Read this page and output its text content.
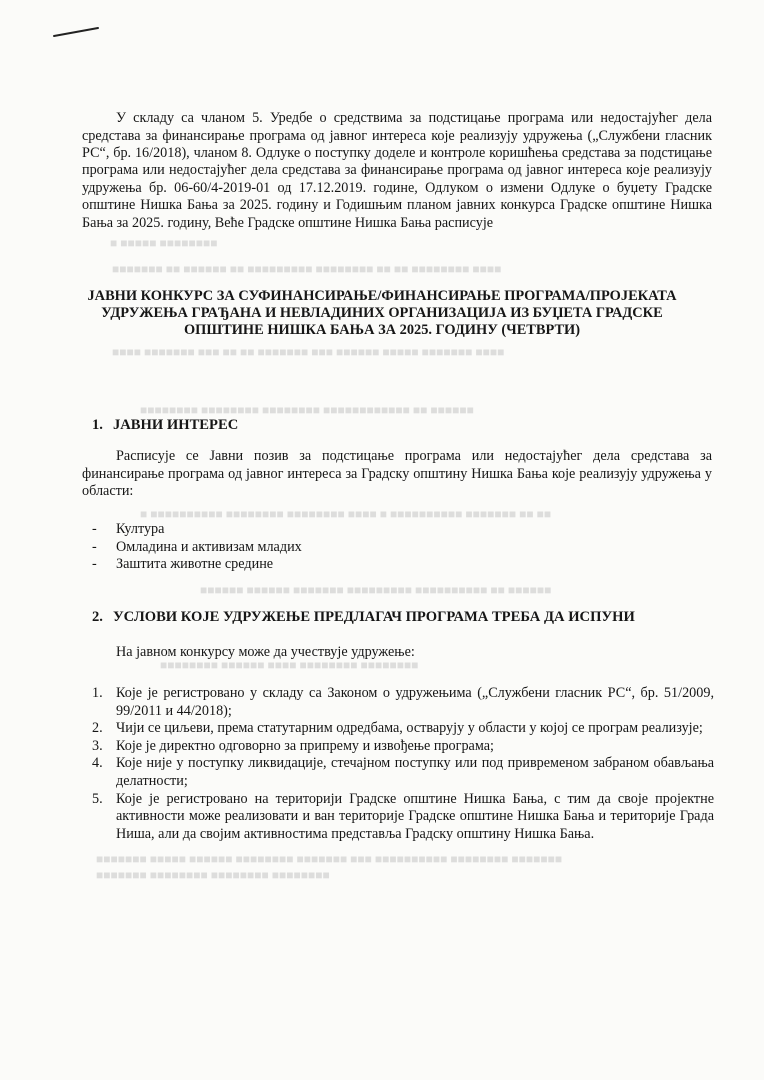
■ ■■■■■ ■■■■■■■■
■■■■■■■ ■■ ■■■■■■ ■■ ■■■■■■■■■ ■■■■■■■■ ■■ ■■ ■■■■■■■■ ■■■■
■■■■ ■■■■■■■ ■■■ ■■ ■■ ■■■■■■■ ■■■ ■■■■■■ ■■■■■ ■■■■■■■ ■■■■
■■■■■■■■ ■■■■■■■■ ■■■■■■■■ ■■■■■■■■■■■■ ■■ ■■■■■■
■ ■■■■■■■■■■ ■■■■■■■■ ■■■■■■■■ ■■■■ ■ ■■■■■■■■■■ ■■■■■■■ ■■ ■■
■■■■■■ ■■■■■■ ■■■■■■■ ■■■■■■■■■ ■■■■■■■■■■ ■■ ■■■■■■
■■■■■■■■ ■■■■■■ ■■■■ ■■■■■■■■ ■■■■■■■■
■■■■■■■ ■■■■■ ■■■■■■ ■■■■■■■■ ■■■■■■■ ■■■ ■■■■■■■■■■ ■■■■■■■■ ■■■■■■■
■■■■■■■ ■■■■■■■■ ■■■■■■■■ ■■■■■■■■

У складу са чланом 5. Уредбе о средствима за подстицање програма или недостајућег дела средстава за финансирање програма од јавног интереса које реализују удружења („Службени гласник РС“, бр. 16/2018), чланом 8. Одлуке о поступку доделе и контроле коришћења средстава за подстицање програма или недостајућег дела средстава за финансирање програма од јавног интереса које реализују удружења бр. 06-60/4-2019-01 од 17.12.2019. године, Одлуком о измени Одлуке о буџету Градске општине Нишка Бања за 2025. годину и Годишњим планом јавних конкурса Градске општине Нишка Бања за 2025. годину, Веће Градске општине Нишка Бања расписује

ЈАВНИ КОНКУРС ЗА СУФИНАНСИРАЊЕ/ФИНАНСИРАЊЕ ПРОГРАМА/ПРОЈЕКАТА УДРУЖЕЊА ГРАЂАНА И НЕВЛАДИНИХ ОРГАНИЗАЦИЈА ИЗ БУЏЕТА ГРАДСКЕ ОПШТИНЕ НИШКА БАЊА ЗА 2025. ГОДИНУ (ЧЕТВРТИ)
1. ЈАВНИ ИНТЕРЕС

Расписује се Јавни позив за подстицање програма или недостајућег дела средстава за финансирање програма од јавног интереса за Градску општину Нишка Бања које реализују удружења у области:

-	Култура
-	Омладина и активизам младих
-	Заштита животне средине
2. УСЛОВИ КОЈЕ УДРУЖЕЊЕ ПРЕДЛАГАЧ ПРОГРАМА ТРЕБА ДА ИСПУНИ

На јавном конкурсу може да учествује удружење:

1. Које је регистровано у складу са Законом о удружењима („Службени гласник РС“, бр. 51/2009, 99/2011 и 44/2018);
2. Чији се циљеви, према статутарним одредбама, остварују у области у којој се програм реализује;
3. Које је директно одговорно за припрему и извођење програма;
4. Које није у поступку ликвидације, стечајном поступку или под привременом забраном обављања делатности;
5. Које је регистровано на територији Градске општине Нишка Бања, с тим да своје пројектне активности може реализовати и ван територије Градске општине Нишка Бања и територије Града Ниша, али да својим активностима представља Градску општину Нишка Бања.
